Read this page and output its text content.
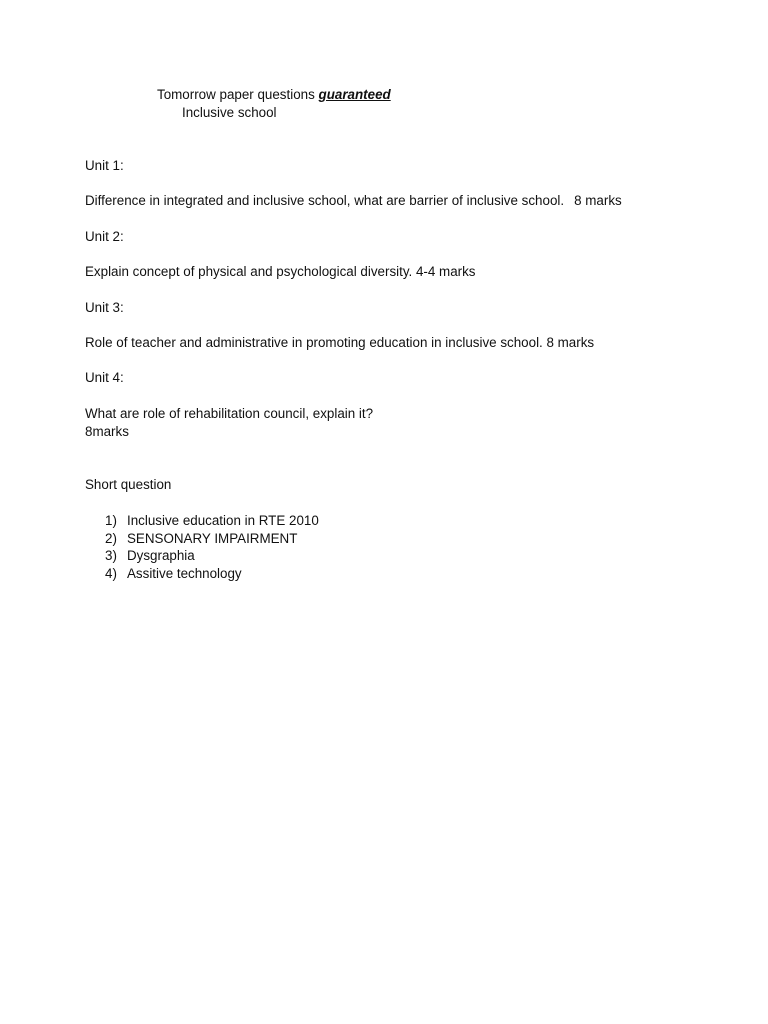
Tomorrow paper questions guaranteed
Inclusive school
Unit 1:
Difference in integrated and inclusive school, what are barrier of inclusive school. 8 marks
Unit 2:
Explain concept of physical and psychological diversity. 4-4 marks
Unit 3:
Role of teacher and administrative in promoting education in inclusive school. 8 marks
Unit 4:
What are role of rehabilitation council, explain it?
8marks
Short question
1) Inclusive education in RTE 2010
2) SENSONARY IMPAIRMENT
3) Dysgraphia
4) Assitive technology
